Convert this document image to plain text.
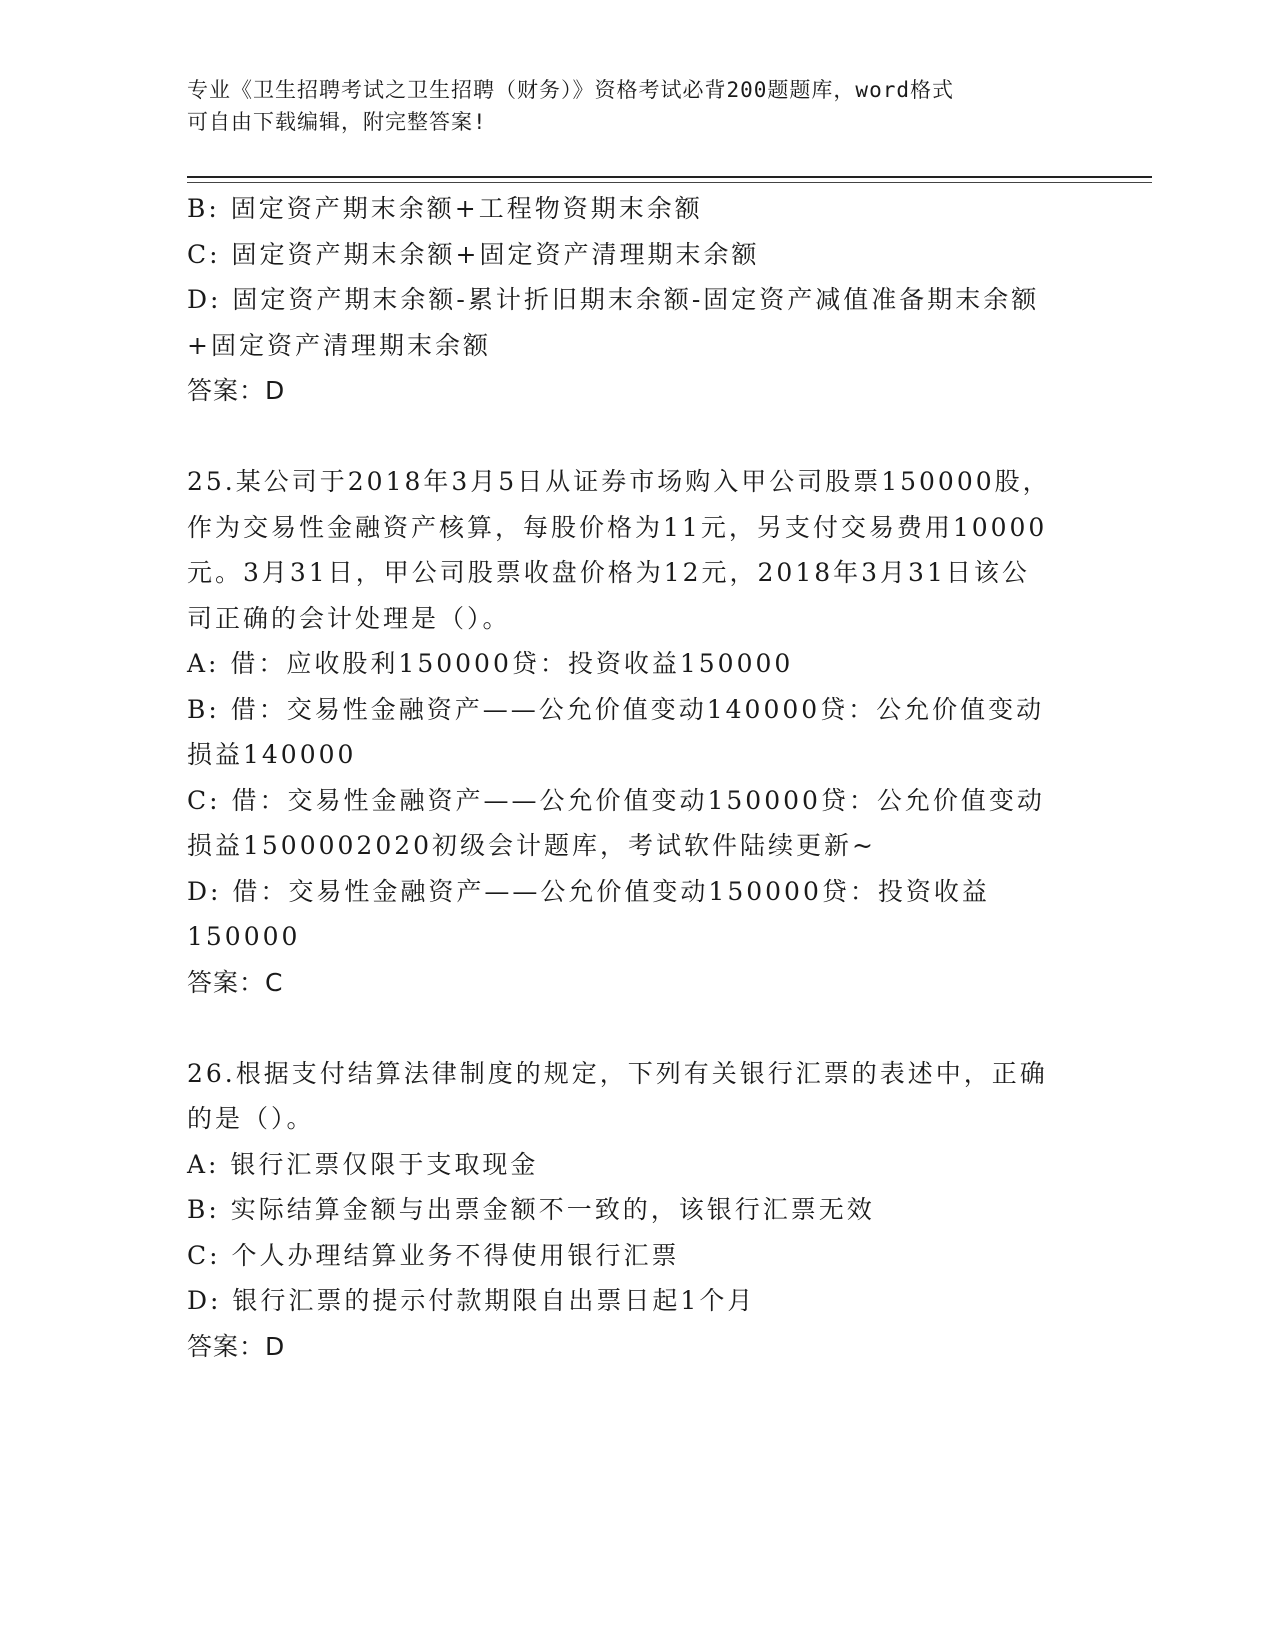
专业《卫生招聘考试之卫生招聘（财务）》资格考试必背200题题库，word格式
可自由下载编辑，附完整答案!
B: 固定资产期末余额+工程物资期末余额
C: 固定资产期末余额+固定资产清理期末余额
D: 固定资产期末余额-累计折旧期末余额-固定资产减值准备期末余额
+固定资产清理期末余额
答案：D
25.某公司于2018年3月5日从证券市场购入甲公司股票150000股，
作为交易性金融资产核算，每股价格为11元，另支付交易费用10000
元。3月31日，甲公司股票收盘价格为12元，2018年3月31日该公
司正确的会计处理是（）。
A: 借：应收股利150000贷：投资收益150000
B: 借：交易性金融资产——公允价值变动140000贷：公允价值变动
损益140000
C: 借：交易性金融资产——公允价值变动150000贷：公允价值变动
损益1500002020初级会计题库，考试软件陆续更新~
D: 借：交易性金融资产——公允价值变动150000贷：投资收益
150000
答案：C
26.根据支付结算法律制度的规定，下列有关银行汇票的表述中，正确
的是（）。
A: 银行汇票仅限于支取现金
B: 实际结算金额与出票金额不一致的，该银行汇票无效
C: 个人办理结算业务不得使用银行汇票
D: 银行汇票的提示付款期限自出票日起1个月
答案：D
